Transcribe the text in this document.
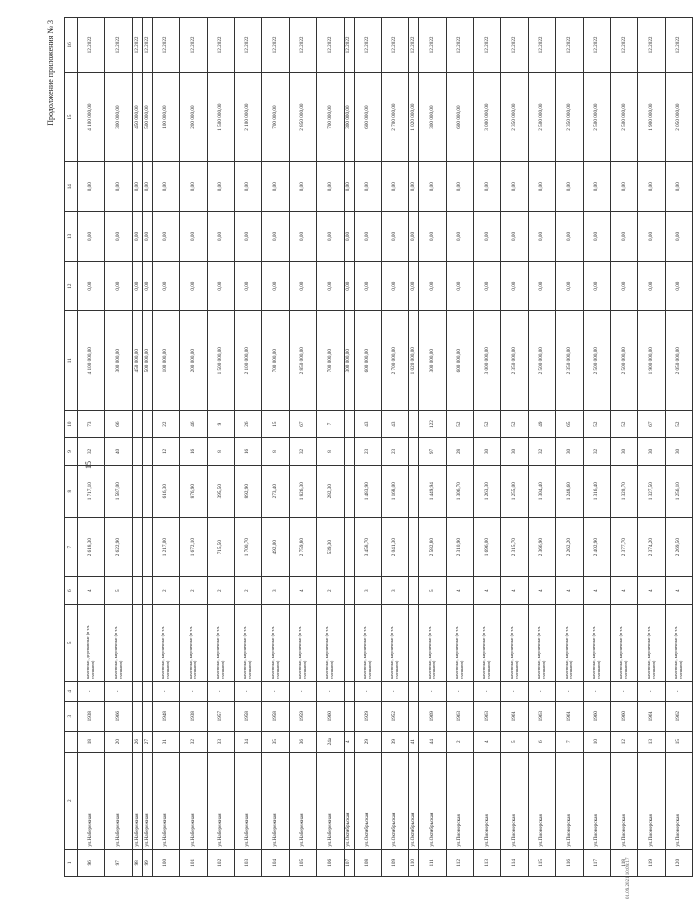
15
Продолжение приложения № 3
01.09.2021 10:09:17
1	2		3	4	5	6	7	8	9	10	11	12	13	14	15	16
96	ул.Набережная	18	1938	-	каменные, деревянные (в т.ч. смешанн)	4	2 618,30	1 717,10	32	73	4 100 000,00	0,00	0,00	0,00	4 100 000,00	12.2022
97	ул.Набережная	20	1966	-	каменные, кирпичные (в т.ч. смешанн)	5	2 622,90	1 587,00	40	66	300 000,00	0,00	0,00	0,00	300 000,00	12.2022
98	ул.Набережная	26									450 000,00	0,00	0,00	0,00	450 000,00	12.2022
99	ул.Набережная	27									500 000,00	0,00	0,00	0,00	500 000,00	12.2022
100	ул.Набережная	31	1948	-	каменные, кирпичные (в т.ч. смешанн)	2	1 217,00	616,30	12	22	100 000,00	0,00	0,00	0,00	100 000,00	12.2022
101	ул.Набережная	32	1938	-	каменные, кирпичные (в т.ч. смешанн)	2	1 672,10	876,90	16	46	200 000,00	0,00	0,00	0,00	200 000,00	12.2022
102	ул.Набережная	33	1957	-	каменные, кирпичные (в т.ч. смешанн)	2	715,50	395,50	8	9	1 500 000,00	0,00	0,00	0,00	1 500 000,00	12.2022
103	ул.Набережная	34	1958	-	каменные, кирпичные (в т.ч. смешанн)	2	1 700,70	892,90	16	26	2 100 000,00	0,00	0,00	0,00	2 100 000,00	12.2022
104	ул.Набережная	35	1958	-	каменные, кирпичные (в т.ч. смешанн)	3	492,00	273,40	8	15	700 000,00	0,00	0,00	0,00	700 000,00	12.2022
105	ул.Набережная	36	1959	-	каменные, кирпичные (в т.ч. смешанн)	4	2 759,80	1 826,30	32	67	2 850 000,00	0,00	0,00	0,00	2 850 000,00	12.2022
106	ул.Набережная	24а	1960	-	каменные, кирпичные (в т.ч. смешанн)	2	539,30	282,30	8	7	700 000,00	0,00	0,00	0,00	700 000,00	12.2022
107	ул.Октябрьская	4									300 000,00	0,00	0,00	0,00	300 000,00	12.2022
108	ул.Октябрьская	29	1929	-	каменные, кирпичные (в т.ч. смешанн)	3	3 458,70	1 483,90	23	43	600 000,00	0,00	0,00	0,00	600 000,00	12.2022
109	ул.Октябрьская	39	1952	-	каменные, кирпичные (в т.ч. смешанн)	3	2 041,30	1 168,00	23	43	2 700 000,00	0,00	0,00	0,00	2 700 000,00	12.2022
110	ул.Октябрьская	41									1 020 000,00	0,00	0,00	0,00	1 020 000,00	12.2022
111	ул.Октябрьская	44	1969	-	каменные, кирпичные (в т.ч. смешанн)	5	2 582,80	1 449,94	97	122	300 000,00	0,00	0,00	0,00	300 000,00	12.2022
112	ул.Пионерская	2	1963	-	каменные, кирпичные (в т.ч. смешанн)	4	2 310,90	1 306,70	28	52	600 000,00	0,00	0,00	0,00	600 000,00	12.2022
113	ул.Пионерская	4	1963	-	каменные, кирпичные (в т.ч. смешанн)	4	1 696,00	1 263,30	30	52	3 000 000,00	0,00	0,00	0,00	3 000 000,00	12.2022
114	ул.Пионерская	5	1961	-	каменные, кирпичные (в т.ч. смешанн)	4	2 315,70	1 255,00	30	52	2 350 000,00	0,00	0,00	0,00	2 350 000,00	12.2022
115	ул.Пионерская	6	1963	-	каменные, кирпичные (в т.ч. смешанн)	4	2 366,90	1 304,40	32	49	2 500 000,00	0,00	0,00	0,00	2 500 000,00	12.2022
116	ул.Пионерская	7	1961	-	каменные, кирпичные (в т.ч. смешанн)	4	2 262,20	1 248,60	30	65	2 350 000,00	0,00	0,00	0,00	2 350 000,00	12.2022
117	ул.Пионерская	10	1960	-	каменные, кирпичные (в т.ч. смешанн)	4	2 402,90	1 316,40	32	52	2 500 000,00	0,00	0,00	0,00	2 500 000,00	12.2022
118	ул.Пионерская	12	1960	-	каменные, кирпичные (в т.ч. смешанн)	4	2 377,70	1 320,70	30	52	2 500 000,00	0,00	0,00	0,00	2 500 000,00	12.2022
119	ул.Пионерская	13	1961	-	каменные, кирпичные (в т.ч. смешанн)	4	2 374,20	1 327,50	30	67	1 900 000,00	0,00	0,00	0,00	1 900 000,00	12.2022
120	ул.Пионерская	15	1962	-	каменные, кирпичные (в т.ч. смешанн)	4	2 269,50	1 256,10	30	52	2 050 000,00	0,00	0,00	0,00	2 050 000,00	12.2022
